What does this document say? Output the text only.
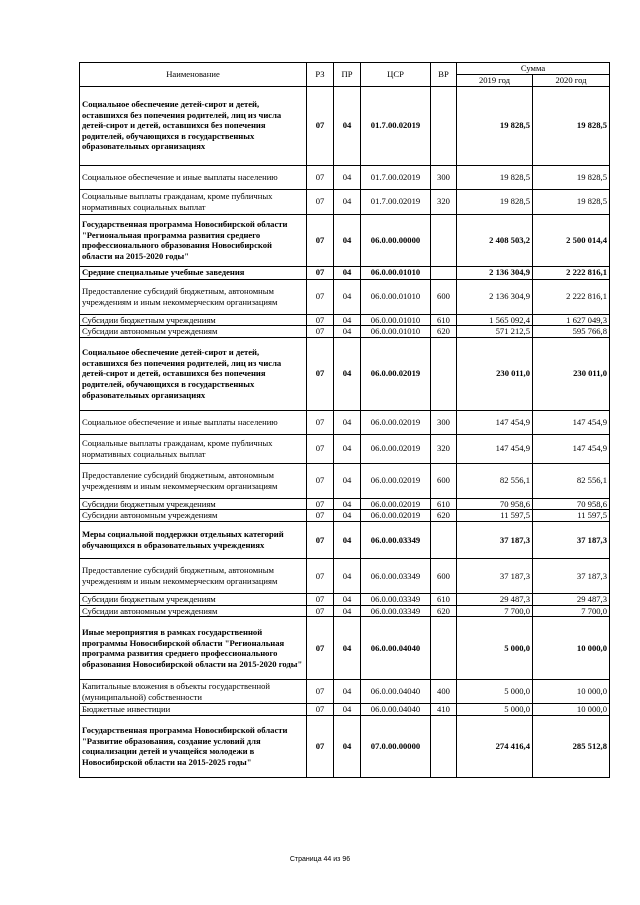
Наименование	РЗ	ПР	ЦСР	ВР	Сумма	
					2019 год	2020 год
Социальное обеспечение детей-сирот и детей, оставшихся без попечения родителей, лиц из числа детей-сирот и детей, оставшихся без попечения родителей, обучающихся в государственных образовательных организациях	07	04	01.7.00.02019		19 828,5	19 828,5
Социальное обеспечение и иные выплаты населению	07	04	01.7.00.02019	300	19 828,5	19 828,5
Социальные выплаты гражданам, кроме публичных нормативных социальных выплат	07	04	01.7.00.02019	320	19 828,5	19 828,5
Государственная программа Новосибирской области "Региональная программа развития среднего профессионального образования Новосибирской области на 2015-2020 годы"	07	04	06.0.00.00000		2 408 503,2	2 500 014,4
Средние специальные учебные заведения	07	04	06.0.00.01010		2 136 304,9	2 222 816,1
Предоставление субсидий бюджетным, автономным учреждениям и иным некоммерческим организациям	07	04	06.0.00.01010	600	2 136 304,9	2 222 816,1
Субсидии бюджетным учреждениям	07	04	06.0.00.01010	610	1 565 092,4	1 627 049,3
Субсидии автономным учреждениям	07	04	06.0.00.01010	620	571 212,5	595 766,8
Социальное обеспечение детей-сирот и детей, оставшихся без попечения родителей, лиц из числа детей-сирот и детей, оставшихся без попечения родителей, обучающихся в государственных образовательных организациях	07	04	06.0.00.02019		230 011,0	230 011,0
Социальное обеспечение и иные выплаты населению	07	04	06.0.00.02019	300	147 454,9	147 454,9
Социальные выплаты гражданам, кроме публичных нормативных социальных выплат	07	04	06.0.00.02019	320	147 454,9	147 454,9
Предоставление субсидий бюджетным, автономным учреждениям и иным некоммерческим организациям	07	04	06.0.00.02019	600	82 556,1	82 556,1
Субсидии бюджетным учреждениям	07	04	06.0.00.02019	610	70 958,6	70 958,6
Субсидии автономным учреждениям	07	04	06.0.00.02019	620	11 597,5	11 597,5
Меры социальной поддержки отдельных категорий обучающихся в образовательных учреждениях	07	04	06.0.00.03349		37 187,3	37 187,3
Предоставление субсидий бюджетным, автономным учреждениям и иным некоммерческим организациям	07	04	06.0.00.03349	600	37 187,3	37 187,3
Субсидии бюджетным учреждениям	07	04	06.0.00.03349	610	29 487,3	29 487,3
Субсидии автономным учреждениям	07	04	06.0.00.03349	620	7 700,0	7 700,0
Иные мероприятия в рамках государственной программы Новосибирской области "Региональная программа развития среднего профессионального образования Новосибирской области на 2015-2020 годы"	07	04	06.0.00.04040		5 000,0	10 000,0
Капитальные вложения в объекты государственной (муниципальной) собственности	07	04	06.0.00.04040	400	5 000,0	10 000,0
Бюджетные инвестиции	07	04	06.0.00.04040	410	5 000,0	10 000,0
Государственная программа Новосибирской области "Развитие образования, создание условий для социализации детей и учащейся молодежи в Новосибирской области на 2015-2025 годы"	07	04	07.0.00.00000		274 416,4	285 512,8
Страница 44 из 96
